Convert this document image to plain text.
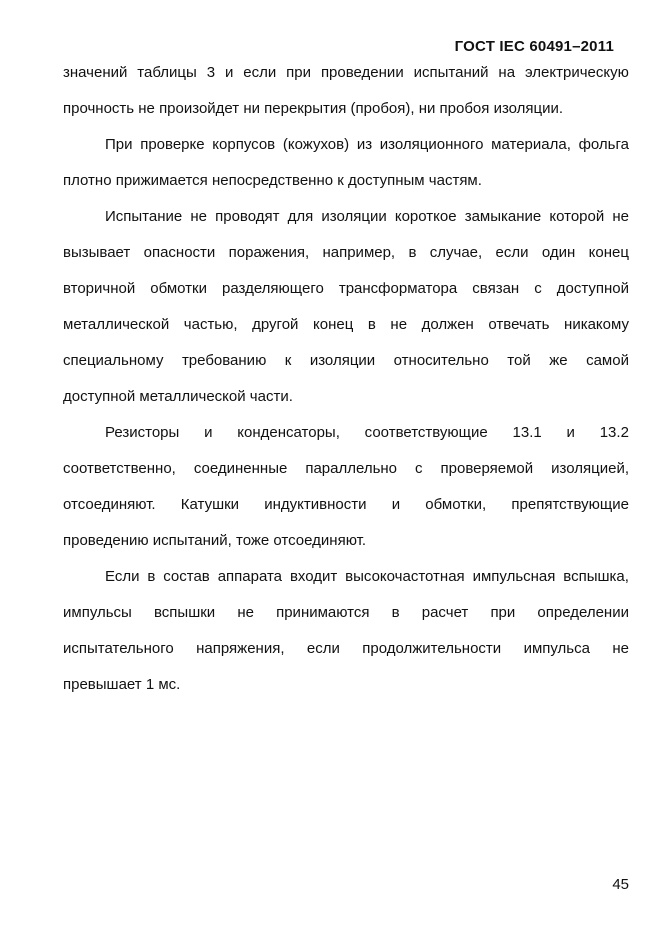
ГОСТ IEC 60491–2011
значений таблицы 3 и если при проведении испытаний на электрическую
прочность не произойдет ни перекрытия (пробоя), ни пробоя изоляции.
При проверке корпусов (кожухов) из изоляционного материала, фольга
плотно прижимается непосредственно к доступным частям.
Испытание не проводят для изоляции короткое замыкание которой не
вызывает опасности поражения, например, в случае, если один конец
вторичной обмотки разделяющего трансформатора связан с доступной
металлической частью, другой конец в не должен отвечать никакому
специальному требованию к изоляции относительно той же самой
доступной металлической части.
Резисторы и конденсаторы, соответствующие 13.1 и 13.2
соответственно, соединенные параллельно с проверяемой изоляцией,
отсоединяют. Катушки индуктивности и обмотки, препятствующие
проведению испытаний, тоже отсоединяют.
Если в состав аппарата входит высокочастотная импульсная вспышка,
импульсы вспышки не принимаются в расчет при определении
испытательного напряжения, если продолжительности импульса не
превышает 1 мс.
45
